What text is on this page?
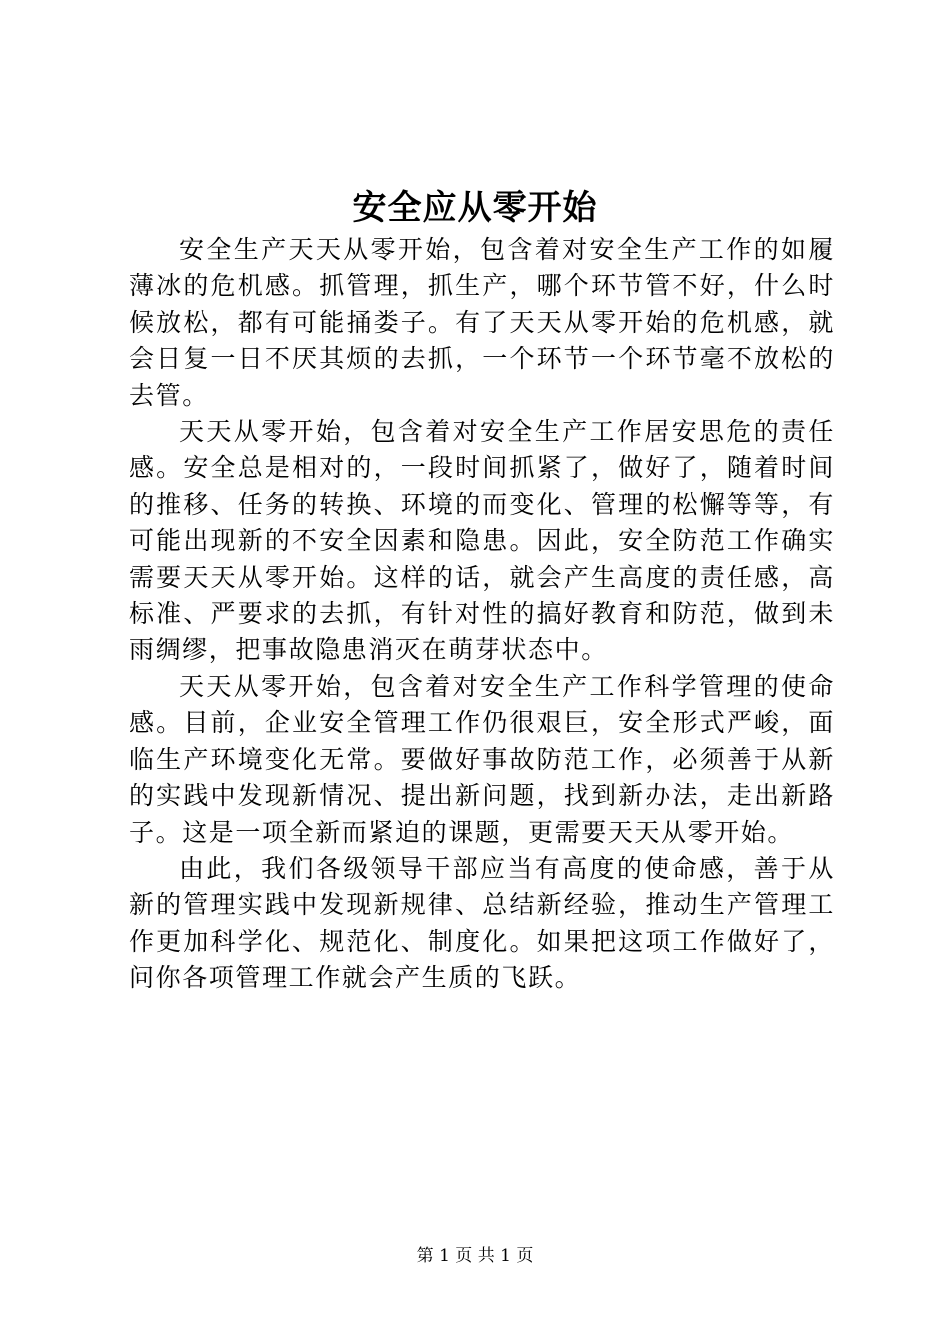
安全应从零开始

安全生产天天从零开始，包含着对安全生产工作的如履薄冰的危机感。抓管理，抓生产，哪个环节管不好，什么时候放松，都有可能捅娄子。有了天天从零开始的危机感，就会日复一日不厌其烦的去抓，一个环节一个环节毫不放松的去管。

天天从零开始，包含着对安全生产工作居安思危的责任感。安全总是相对的，一段时间抓紧了，做好了，随着时间的推移、任务的转换、环境的而变化、管理的松懈等等，有可能出现新的不安全因素和隐患。因此，安全防范工作确实需要天天从零开始。这样的话，就会产生高度的责任感，高标准、严要求的去抓，有针对性的搞好教育和防范，做到未雨绸缪，把事故隐患消灭在萌芽状态中。

天天从零开始，包含着对安全生产工作科学管理的使命感。目前，企业安全管理工作仍很艰巨，安全形式严峻，面临生产环境变化无常。要做好事故防范工作，必须善于从新的实践中发现新情况、提出新问题，找到新办法，走出新路子。这是一项全新而紧迫的课题，更需要天天从零开始。

由此，我们各级领导干部应当有高度的使命感，善于从新的管理实践中发现新规律、总结新经验，推动生产管理工作更加科学化、规范化、制度化。如果把这项工作做好了，问你各项管理工作就会产生质的飞跃。

第 1 页 共 1 页
